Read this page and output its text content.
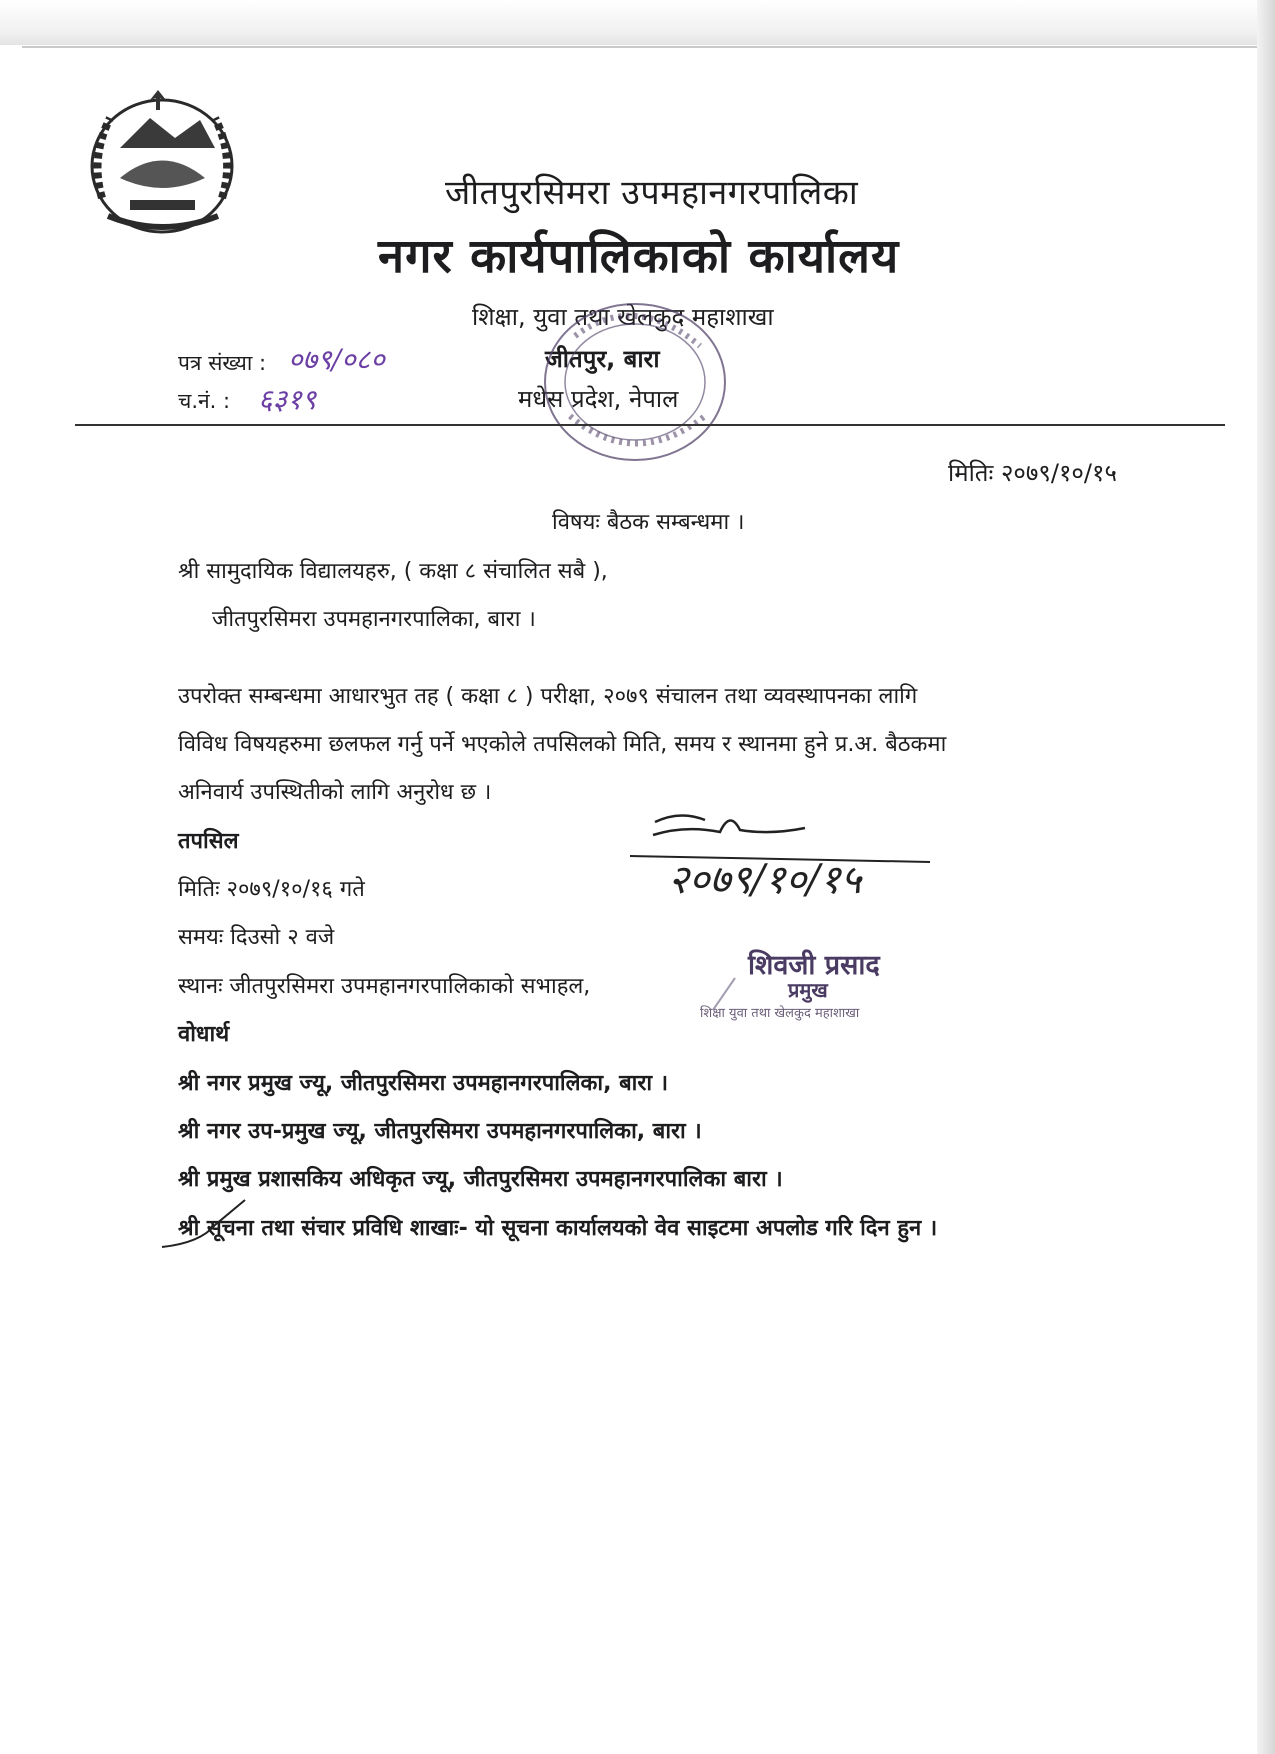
जीतपुरसिमरा उपमहानगरपालिका
नगर कार्यपालिकाको कार्यालय
शिक्षा, युवा तथा खेलकुद महाशाखा
जीतपुर, बारा
मधेस प्रदेश, नेपाल
पत्र संख्या : ०७९/०८०
च.नं. : ६३१९
मितिः २०७९/१०/१५
विषयः बैठक सम्बन्धमा ।
श्री सामुदायिक विद्यालयहरु, ( कक्षा ८ संचालित सबै ),
जीतपुरसिमरा उपमहानगरपालिका, बारा ।
उपरोक्त सम्बन्धमा आधारभुत तह ( कक्षा ८ ) परीक्षा, २०७९ संचालन तथा व्यवस्थापनका लागि
विविध विषयहरुमा छलफल गर्नु पर्ने भएकोले तपसिलको मिति, समय र स्थानमा हुने प्र.अ. बैठकमा
अनिवार्य उपस्थितीको लागि अनुरोध छ ।
तपसिल
मितिः २०७९/१०/१६ गते
समयः दिउसो २ वजे
स्थानः जीतपुरसिमरा उपमहानगरपालिकाको सभाहल,
२०७९/१०/१५
शिवजी प्रसाद
प्रमुख
शिक्षा युवा तथा खेलकुद महाशाखा
वोधार्थ
श्री नगर प्रमुख ज्यू, जीतपुरसिमरा उपमहानगरपालिका, बारा ।
श्री नगर उप-प्रमुख ज्यू, जीतपुरसिमरा उपमहानगरपालिका, बारा ।
श्री प्रमुख प्रशासकिय अधिकृत ज्यू, जीतपुरसिमरा उपमहानगरपालिका बारा ।
श्री सूचना तथा संचार प्रविधि शाखाः- यो सूचना कार्यालयको वेव साइटमा अपलोड गरि दिन हुन ।
